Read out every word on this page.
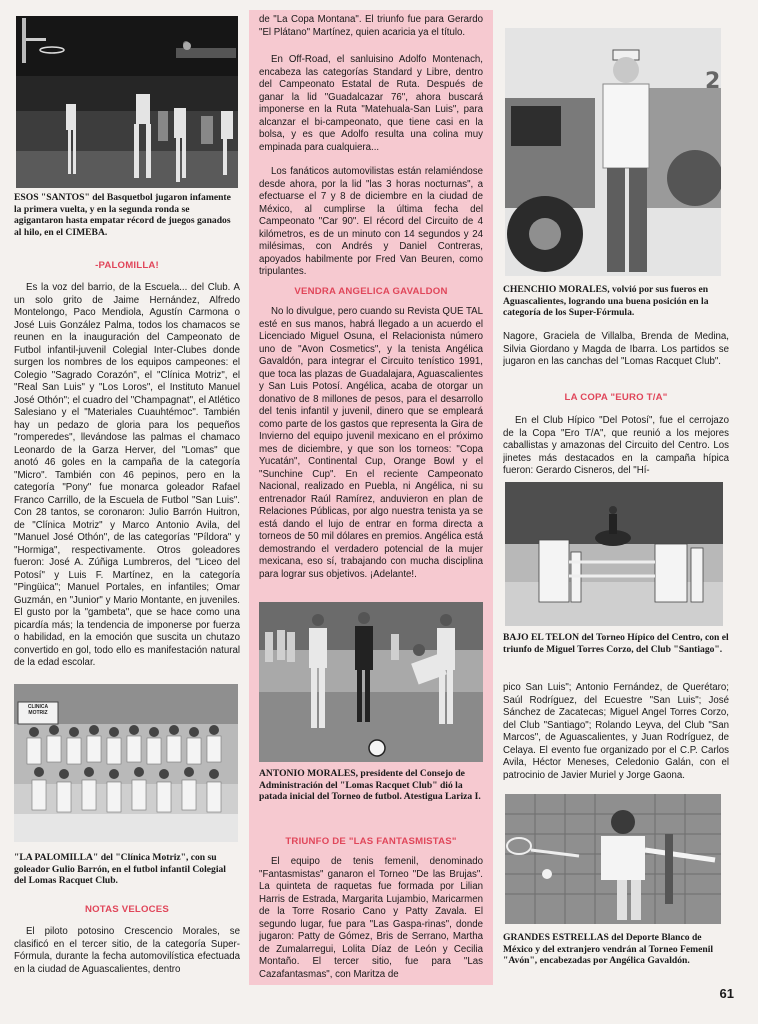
ESOS "SANTOS" del Basquetbol jugaron infamente la primera vuelta, y en la segunda ronda se agigantaron hasta empatar récord de juegos ganados al hilo, en el CIMEBA.

-PALOMILLA!

Es la voz del barrio, de la Escuela... del Club. A un solo grito de Jaime Hernández, Alfredo Montelongo, Paco Mendiola, Agustín Carmona o José Luis González Palma, todos los chamacos se reunen en la inauguración del Campeonato de Futbol infantil-juvenil Colegial Inter-Clubes donde surgen los nombres de los equipos campeones: el Colegio "Sagrado Corazón", el "Clínica Motriz", el "Real San Luis" y "Los Loros", el Instituto Manuel José Othón"; el cuadro del "Champagnat", el Atlético Salesiano y el "Materiales Cuauhtémoc". También hay un pedazo de gloria para los pequeños "romperedes", llevándose las palmas el chamaco Leonardo de la Garza Herver, del "Lomas" que anotó 46 goles en la campaña de la categoría "Micro". También con 46 pepinos, pero en la categoría "Pony" fue monarca goleador Rafael Franco Carrillo, de la Escuela de Futbol "San Luis". Con 28 tantos, se coronaron: Julio Barrón Huitron, de "Clínica Motriz" y Marco Antonio Avila, del "Manuel José Othón", de las categorías "Píldora" y "Hormiga", respectivamente. Otros goleadores fueron: José A. Zúñiga Lumbreros, del "Liceo del Potosí" y Luis F. Martínez, en la categoría "Pingüica"; Manuel Portales, en infantiles; Omar Guzmán, en "Junior" y Mario Montante, en juveniles. El gusto por la "gambeta", que se hace como una picardía más; la tendencia de imponerse por fuerza o habilidad, en la emoción que suscita un chutazo convertido en gol, todo ello es manifestación natural de la edad escolar.

CLINICA MOTRIZ

"LA PALOMILLA" del "Clínica Motriz", con su goleador Gulio Barrón, en el futbol infantil Colegial del Lomas Racquet Club.

NOTAS VELOCES

El piloto potosino Crescencio Morales, se clasificó en el tercer sitio, de la categoría Super-Fórmula, durante la fecha automovilística efectuada en la ciudad de Aguascalientes, dentro

de "La Copa Montana". El triunfo fue para Gerardo "El Plátano" Martínez, quien acaricia ya el título.

En Off-Road, el sanluisino Adolfo Montenach, encabeza las categorías Standard y Libre, dentro del Campeonato Estatal de Ruta. Después de ganar la lid "Guadalcazar 76", ahora buscará imponerse en la Ruta "Matehuala-San Luis", para alcanzar el bi-campeonato, que tiene casi en la bolsa, y es que Adolfo resulta una colina muy empinada para cualquiera...

Los fanáticos automovilistas están relamiéndose desde ahora, por la lid "las 3 horas nocturnas", a efectuarse el 7 y 8 de diciembre en la ciudad de México, al cumplirse la última fecha del Campeonato "Car 90". El récord del Circuito de 4 kilómetros, es de un minuto con 14 segundos y 24 milésimas, con Andrés y Daniel Contreras, apoyados habilmente por Fred Van Beuren, como tripulantes.

VENDRA ANGELICA GAVALDON

No lo divulgue, pero cuando su Revista QUE TAL esté en sus manos, habrá llegado a un acuerdo el Licenciado Miguel Osuna, el Relacionista número uno de "Avon Cosmetics", y la tenista Angélica Gavaldón, para integrar el Circuito tenístico 1991, que toca las plazas de Guadalajara, Aguascalientes y San Luis Potosí. Angélica, acaba de otorgar un donativo de 8 millones de pesos, para el desarrollo del tenis infantil y juvenil, dinero que se empleará como parte de los gastos que representa la Gira de Invierno del equipo juvenil mexicano en el próximo mes de diciembre, y que son los torneos: "Copa Yucatán", Continental Cup, Orange Bowl y el "Sunchine Cup". En el reciente Campeonato Nacional, realizado en Puebla, ni Angélica, ni su entrenador Raúl Ramírez, anduvieron en plan de Relaciones Públicas, por algo nuestra tenista ya se está dando el lujo de entrar en forma directa a torneos de 50 mil dólares en premios. Angélica está demostrando el verdadero potencial de la mujer mexicana, eso sí, trabajando con mucha disciplina para lograr sus objetivos. ¡Adelante!.

ANTONIO MORALES, presidente del Consejo de Administración del "Lomas Racquet Club" dió la patada inicial del Torneo de futbol. Atestigua Lariza I.

TRIUNFO DE "LAS FANTASMISTAS"

El equipo de tenis femenil, denominado "Fantasmistas" ganaron el Torneo "De las Brujas". La quinteta de raquetas fue formada por Lilian Harris de Estrada, Margarita Lujambio, Maricarmen de la Torre Rosario Cano y Patty Zavala. El segundo lugar, fue para "Las Gaspa-rinas", donde jugaron: Patty de Gómez, Bris de Serrano, Martha de Zumalarregui, Lolita Díaz de León y Cecilia Montaño. El tercer sitio, fue para "Las Cazafantasmas", con Maritza de

2

CHENCHIO MORALES, volvió por sus fueros en Aguascalientes, logrando una buena posición en la categoría de los Super-Fórmula.

Nagore, Graciela de Villalba, Brenda de Medina, Silvia Giordano y Magda de Ibarra. Los partidos se jugaron en las canchas del "Lomas Racquet Club".

LA COPA "EURO T/A"

En el Club Hípico "Del Potosí", fue el cerrojazo de la Copa "Ero T/A", que reunió a los mejores caballistas y amazonas del Circuito del Centro. Los jinetes más destacados en la campaña hípica fueron: Gerardo Cisneros, del "Hí-

BAJO EL TELON del Torneo Hípico del Centro, con el triunfo de Miguel Torres Corzo, del Club "Santiago".

pico San Luis"; Antonio Fernández, de Querétaro; Saúl Rodríguez, del Ecuestre "San Luis"; José Sánchez de Zacatecas; Miguel Angel Torres Corzo, del Club "Santiago"; Rolando Leyva, del Club "San Marcos", de Aguascalientes, y Juan Rodríguez, de Celaya. El evento fue organizado por el C.P. Carlos Avila, Héctor Meneses, Celedonio Galán, con el patrocinio de Javier Muriel y Jorge Gaona.

GRANDES ESTRELLAS del Deporte Blanco de México y del extranjero vendrán al Torneo Femenil "Avón", encabezadas por Angélica Gavaldón.

61
